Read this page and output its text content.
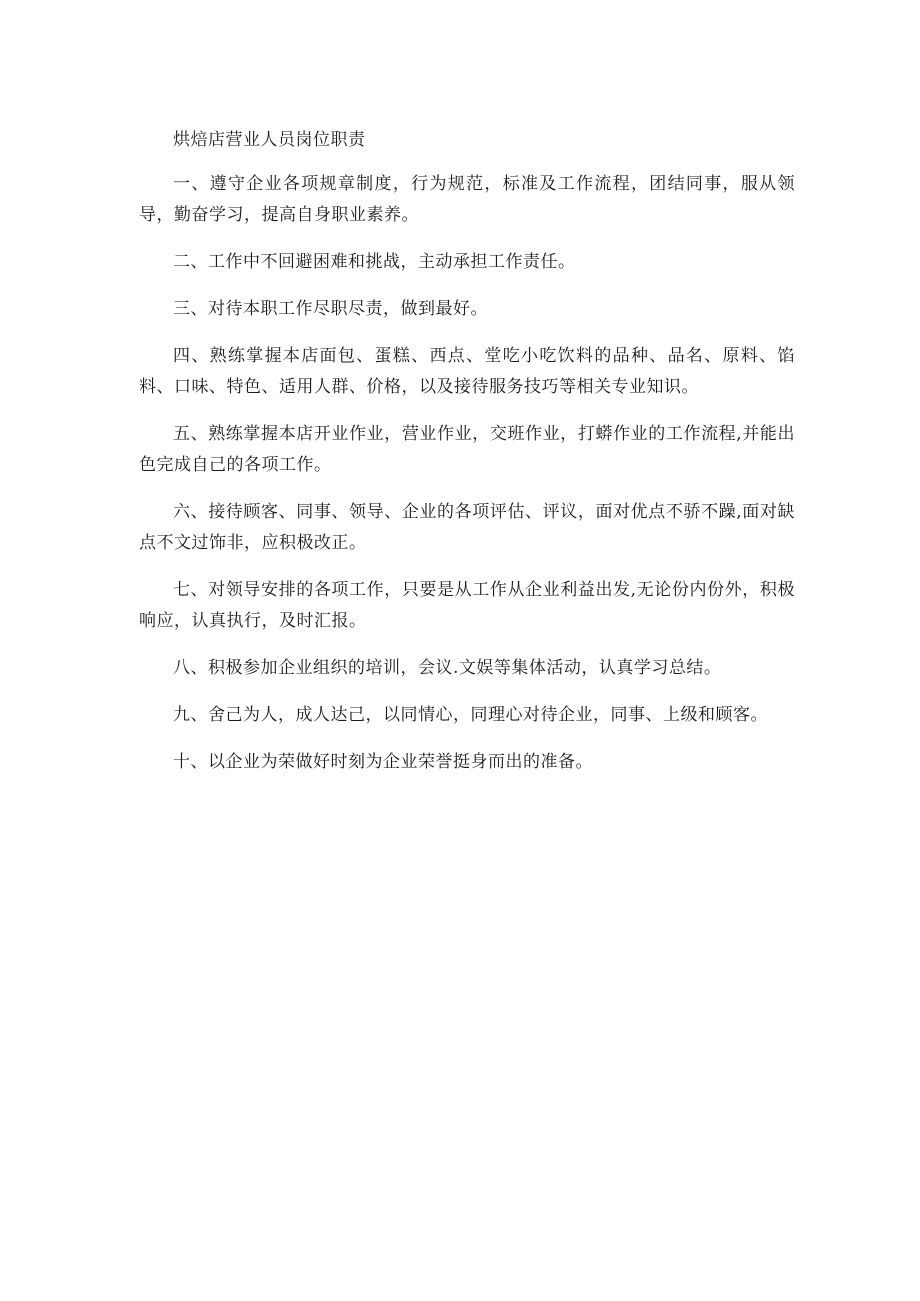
烘焙店营业人员岗位职责

一、遵守企业各项规章制度，行为规范，标准及工作流程，团结同事，服从领导，勤奋学习，提高自身职业素养。

二、工作中不回避困难和挑战，主动承担工作责任。

三、对待本职工作尽职尽责，做到最好。

四、熟练掌握本店面包、蛋糕、西点、堂吃小吃饮料的品种、品名、原料、馅料、口味、特色、适用人群、价格，以及接待服务技巧等相关专业知识。

五、熟练掌握本店开业作业，营业作业，交班作业，打蟒作业的工作流程,并能出色完成自己的各项工作。

六、接待顾客、同事、领导、企业的各项评估、评议，面对优点不骄不躁,面对缺点不文过饰非，应积极改正。

七、对领导安排的各项工作，只要是从工作从企业利益出发,无论份内份外，积极响应，认真执行，及时汇报。

八、积极参加企业组织的培训，会议.文娱等集体活动，认真学习总结。

九、舍己为人，成人达己，以同情心，同理心对待企业，同事、上级和顾客。

十、以企业为荣做好时刻为企业荣誉挺身而出的准备。
